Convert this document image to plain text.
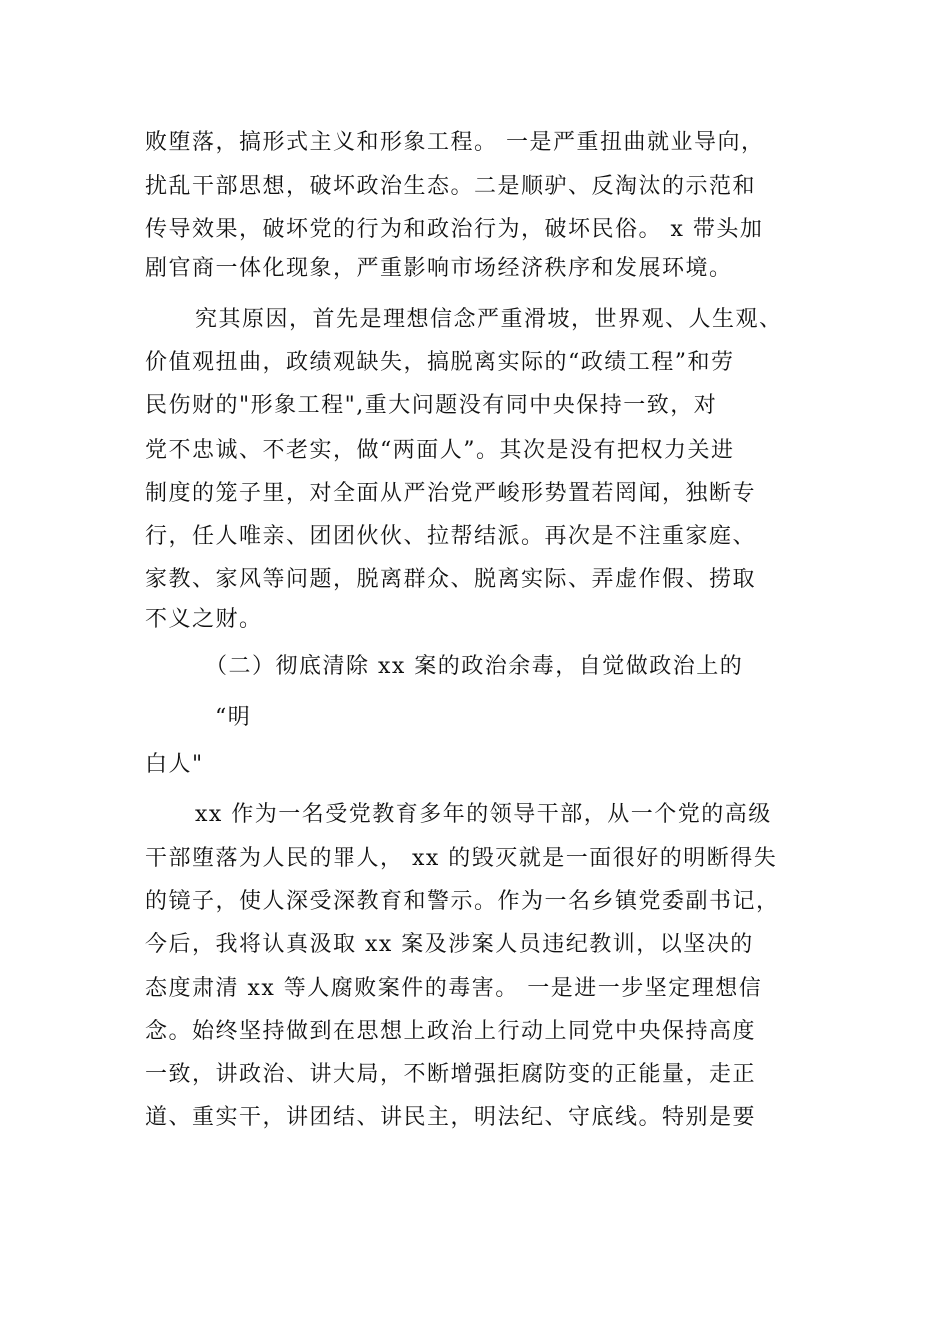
败堕落，搞形式主义和形象工程。 一是严重扭曲就业导向，
扰乱干部思想，破坏政治生态。二是顺驴、反淘汰的示范和
传导效果，破坏党的行为和政治行为，破坏民俗。 x 带头加
剧官商一体化现象，严重影响市场经济秩序和发展环境。
究其原因，首先是理想信念严重滑坡，世界观、人生观、
价值观扭曲，政绩观缺失，搞脱离实际的“政绩工程”和劳
民伤财的"形象工程",重大问题没有同中央保持一致，对
党不忠诚、不老实，做“两面人”。其次是没有把权力关进
制度的笼子里，对全面从严治党严峻形势置若罔闻，独断专
行，任人唯亲、团团伙伙、拉帮结派。再次是不注重家庭、
家教、家风等问题，脱离群众、脱离实际、弄虚作假、捞取
不义之财。
（二）彻底清除 xx 案的政治余毒，自觉做政治上的
“明
白人"
xx 作为一名受党教育多年的领导干部，从一个党的高级
干部堕落为人民的罪人， xx 的毁灭就是一面很好的明断得失
的镜子，使人深受深教育和警示。作为一名乡镇党委副书记，
今后，我将认真汲取 xx 案及涉案人员违纪教训，以坚决的
态度肃清 xx 等人腐败案件的毒害。 一是进一步坚定理想信
念。始终坚持做到在思想上政治上行动上同党中央保持高度
一致，讲政治、讲大局，不断增强拒腐防变的正能量，走正
道、重实干，讲团结、讲民主，明法纪、守底线。特别是要
